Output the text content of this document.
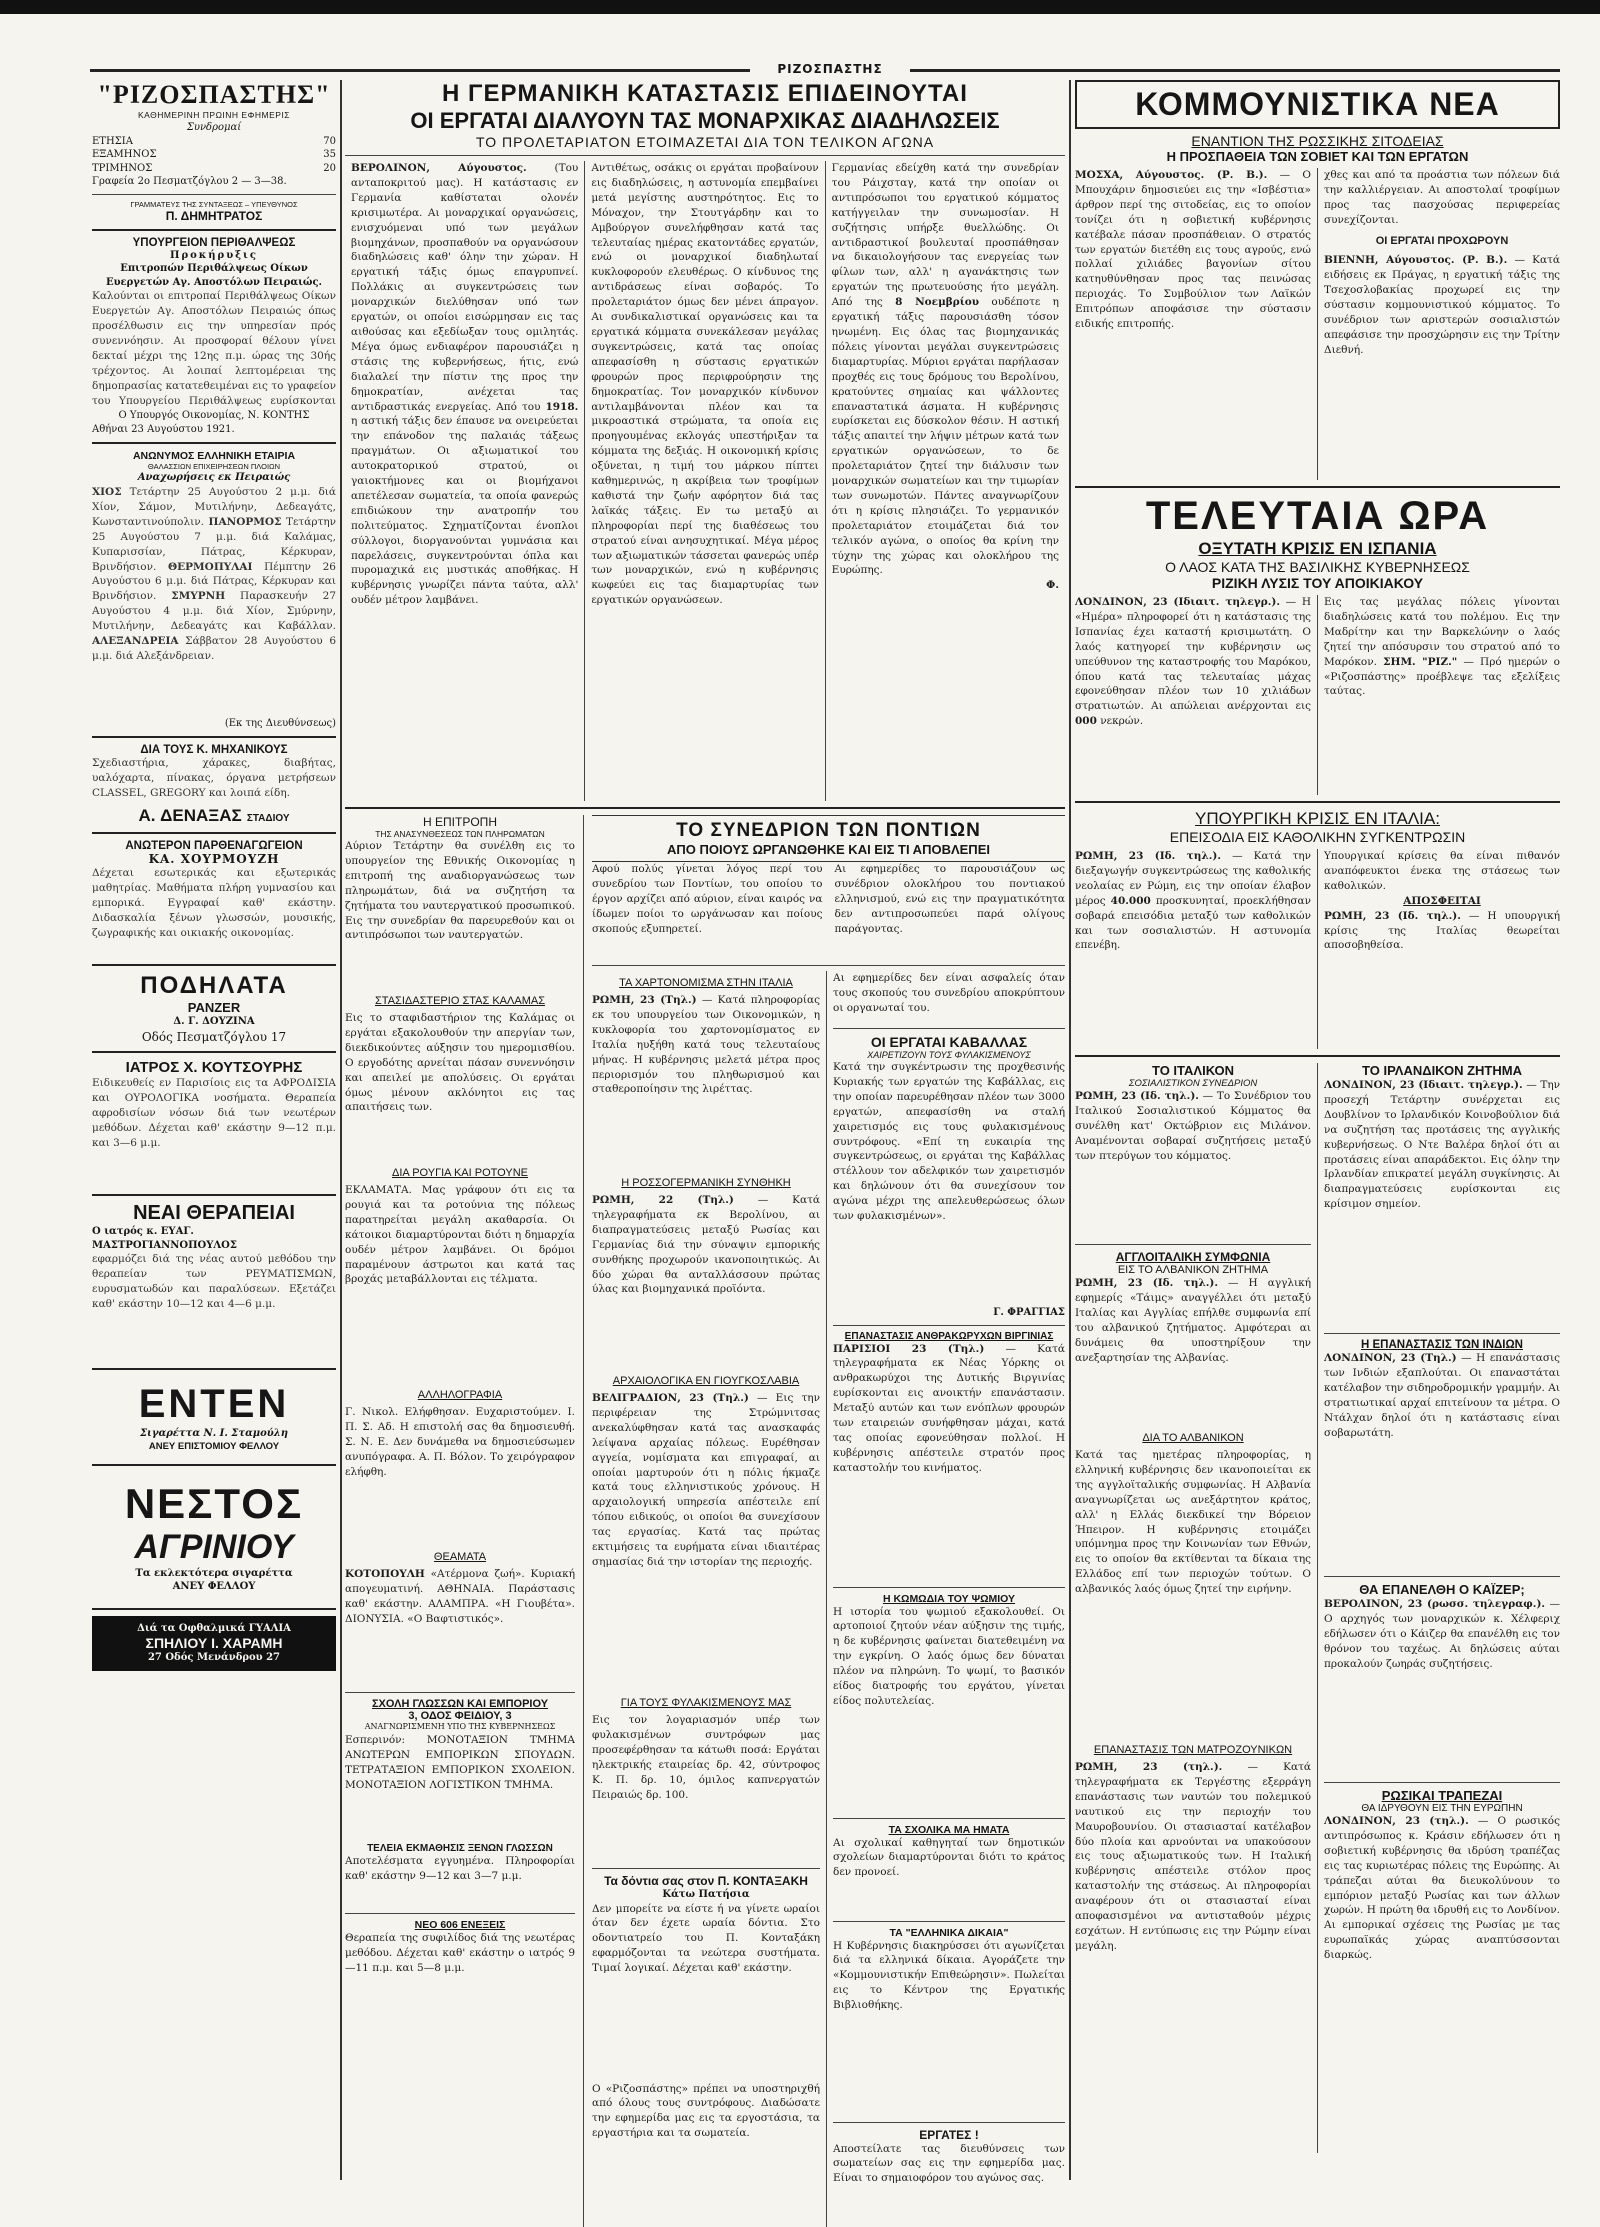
ΡΙΖΟΣΠΑΣΤΗΣ
"ΡΙΖΟΣΠΑΣΤΗΣ"
ΚΑΘΗΜΕΡΙΝΗ ΠΡΩΙΝΗ ΕΦΗΜΕΡΙΣ
Συνδρομαί
ΕΤΗΣΙΑ	70
ΕΞΑΜΗΝΟΣ	35
ΤΡΙΜΗΝΟΣ	20
Γραφεία 2ο Πεσματζόγλου 2 — 3—38.
ΓΡΑΜΜΑΤΕΥΣ ΤΗΣ ΣΥΝΤΑΞΕΩΣ – ΥΠΕΥΘΥΝΟΣ
Π. ΔΗΜΗΤΡΑΤΟΣ
ΥΠΟΥΡΓΕΙΟΝ ΠΕΡΙΘΑΛΨΕΩΣ
Προκήρυξις
Επιτροπών Περιθάλψεως Οίκων Ευεργετών Αγ. Αποστόλων Πειραιώς.
Καλούνται οι επιτροπαί Περιθάλψεως Οίκων Ευεργετών Αγ. Αποστόλων Πειραιώς όπως προσέλθωσιν εις την υπηρεσίαν πρός συνεννόησιν. Αι προσφοραί θέλουν γίνει δεκταί μέχρι της 12ης π.μ. ώρας της 30ής τρέχοντος. Αι λοιπαί λεπτομέρειαι της δημοπρασίας κατατεθειμέναι εις το γραφείον του Υπουργείου Περιθάλψεως ευρίσκονται
Ο Υπουργός Οικονομίας, Ν. ΚΟΝΤΗΣ
Αθήναι 23 Αυγούστου 1921.
ΑΝΩΝΥΜΟΣ ΕΛΛΗΝΙΚΗ ΕΤΑΙΡΙΑ
ΘΑΛΑΣΣΙΩΝ ΕΠΙΧΕΙΡΗΣΕΩΝ ΠΛΟΙΩΝ
Αναχωρήσεις εκ Πειραιώς
ΧΙΟΣ Τετάρτην 25 Αυγούστου 2 μ.μ. διά Χίον, Σάμον, Μυτιλήνην, Δεδεαγάτς, Κωνσταντινούπολιν. ΠΑΝΟΡΜΟΣ Τετάρτην 25 Αυγούστου 7 μ.μ. διά Καλάμας, Κυπαρισσίαν, Πάτρας, Κέρκυραν, Βρινδήσιον. ΘΕΡΜΟΠΥΛΑΙ Πέμπτην 26 Αυγούστου 6 μ.μ. διά Πάτρας, Κέρκυραν και Βρινδήσιον. ΣΜΥΡΝΗ Παρασκευήν 27 Αυγούστου 4 μ.μ. διά Χίον, Σμύρνην, Μυτιλήνην, Δεδεαγάτς και Καβάλλαν. ΑΛΕΞΑΝΔΡΕΙΑ Σάββατον 28 Αυγούστου 6 μ.μ. διά Αλεξάνδρειαν.
(Εκ της Διευθύνσεως)
ΔΙΑ ΤΟΥΣ Κ. ΜΗΧΑΝΙΚΟΥΣ
Σχεδιαστήρια, χάρακες, διαβήτας, υαλόχαρτα, πίνακας, όργανα μετρήσεων CLASSEL, GREGORY και λοιπά είδη.
A. ΔΕΝΑΞΑΣ ΣΤΑΔΙΟΥ
ΑΝΩΤΕΡΟΝ ΠΑΡΘΕΝΑΓΩΓΕΙΟΝ
ΚΑ. ΧΟΥΡΜΟΥΖΗ
Δέχεται εσωτερικάς και εξωτερικάς μαθητρίας. Μαθήματα πλήρη γυμνασίου και εμπορικά. Εγγραφαί καθ' εκάστην. Διδασκαλία ξένων γλωσσών, μουσικής, ζωγραφικής και οικιακής οικονομίας.
ΠΟΔΗΛΑΤΑ
PANZER
Δ. Γ. ΔΟΥΖΙΝΑ
Οδός Πεσματζόγλου 17
ΙΑΤΡΟΣ Χ. ΚΟΥΤΣΟΥΡΗΣ
Ειδικευθείς εν Παρισίοις εις τα ΑΦΡΟΔΙΣΙΑ και ΟΥΡΟΛΟΓΙΚΑ νοσήματα. Θεραπεία αφροδισίων νόσων διά των νεωτέρων μεθόδων. Δέχεται καθ' εκάστην 9—12 π.μ. και 3—6 μ.μ.
ΝΕΑΙ ΘΕΡΑΠΕΙΑΙ
Ο ιατρός κ. ΕΥΑΓ. ΜΑΣΤΡΟΓΙΑΝΝΟΠΟΥΛΟΣ
εφαρμόζει διά της νέας αυτού μεθόδου την θεραπείαν των ΡΕΥΜΑΤΙΣΜΩΝ, ευρυσματωδών και παραλύσεων. Εξετάζει καθ' εκάστην 10—12 και 4—6 μ.μ.
ΕΝΤΕΝ
Σιγαρέττα Ν. Ι. Σταμούλη
ΑΝΕΥ ΕΠΙΣΤΟΜΙΟΥ ΦΕΛΛΟΥ
ΝΕΣΤΟΣ
ΑΓΡΙΝΙΟΥ
Τα εκλεκτότερα σιγαρέττα
ΑΝΕΥ ΦΕΛΛΟΥ
Διά τα Οφθαλμικά ΓΥΑΛΙΑ
ΣΠΗΛΙΟΥ Ι. ΧΑΡΑΜΗ
27 Οδός Μενάνδρου 27
Η ΓΕΡΜΑΝΙΚΗ ΚΑΤΑΣΤΑΣΙΣ ΕΠΙΔΕΙΝΟΥΤΑΙ
ΟΙ ΕΡΓΑΤΑΙ ΔΙΑΛΥΟΥΝ ΤΑΣ ΜΟΝΑΡΧΙΚΑΣ ΔΙΑΔΗΛΩΣΕΙΣ
ΤΟ ΠΡΟΛΕΤΑΡΙΑΤΟΝ ΕΤΟΙΜΑΖΕΤΑΙ ΔΙΑ ΤΟΝ ΤΕΛΙΚΟΝ ΑΓΩΝΑ
ΒΕΡΟΛΙΝΟΝ, Αύγουστος.	(Του ανταποκριτού μας). Η κατάστασις εν Γερμανία καθίσταται ολονέν κρισιμωτέρα. Αι μοναρχικαί οργανώσεις, ενισχυόμεναι υπό των μεγάλων βιομηχάνων, προσπαθούν να οργανώσουν διαδηλώσεις καθ' όλην την χώραν. Η εργατική τάξις όμως επαγρυπνεί. Πολλάκις αι συγκεντρώσεις των μοναρχικών διελύθησαν υπό των εργατών, οι οποίοι εισώρμησαν εις τας αιθούσας και εξεδίωξαν τους ομιλητάς. Μέγα όμως ενδιαφέρον παρουσιάζει η στάσις της κυβερνήσεως, ήτις, ενώ διαλαλεί την πίστιν της προς την δημοκρατίαν, ανέχεται τας αντιδραστικάς ενεργείας. Από του 1918. η αστική τάξις δεν έπαυσε να ονειρεύεται την επάνοδον της παλαιάς τάξεως πραγμάτων. Οι αξιωματικοί του αυτοκρατορικού στρατού, οι γαιοκτήμονες και οι βιομήχανοι απετέλεσαν σωματεία, τα οποία φανερώς επιδιώκουν την ανατροπήν του πολιτεύματος. Σχηματίζονται ένοπλοι σύλλογοι, διοργανούνται γυμνάσια και παρελάσεις, συγκεντρούνται όπλα και πυρομαχικά εις μυστικάς αποθήκας. Η κυβέρνησις γνωρίζει πάντα ταύτα, αλλ' ουδέν μέτρον λαμβάνει.
Αντιθέτως, οσάκις οι εργάται προβαίνουν εις διαδηλώσεις, η αστυνομία επεμβαίνει μετά μεγίστης αυστηρότητος. Εις το Μόναχον, την Στουτγάρδην και το Αμβούργον συνελήφθησαν κατά τας τελευταίας ημέρας εκατοντάδες εργατών, ενώ οι μοναρχικοί διαδηλωταί κυκλοφορούν ελευθέρως. Ο κίνδυνος της αντιδράσεως είναι σοβαρός. Το προλεταριάτον όμως δεν μένει άπραγον. Αι συνδικαλιστικαί οργανώσεις και τα εργατικά κόμματα συνεκάλεσαν μεγάλας συγκεντρώσεις, κατά τας οποίας απεφασίσθη η σύστασις εργατικών φρουρών προς περιφρούρησιν της δημοκρατίας. Τον μοναρχικόν κίνδυνον αντιλαμβάνονται πλέον και τα μικροαστικά στρώματα, τα οποία εις προηγουμένας εκλογάς υπεστήριξαν τα κόμματα της δεξιάς. Η οικονομική κρίσις οξύνεται, η τιμή του μάρκου πίπτει καθημερινώς, η ακρίβεια των τροφίμων καθιστά την ζωήν αφόρητον διά τας λαϊκάς τάξεις. Εν τω μεταξύ αι πληροφορίαι περί της διαθέσεως του στρατού είναι ανησυχητικαί. Μέγα μέρος των αξιωματικών τάσσεται φανερώς υπέρ των μοναρχικών, ενώ η κυβέρνησις κωφεύει εις τας διαμαρτυρίας των εργατικών οργανώσεων.
Γερμανίας εδείχθη κατά την συνεδρίαν του Ράιχσταγ, κατά την οποίαν οι αντιπρόσωποι του εργατικού κόμματος κατήγγειλαν την συνωμοσίαν. Η συζήτησις υπήρξε θυελλώδης. Οι αντιδραστικοί βουλευταί προσπάθησαν να δικαιολογήσουν τας ενεργείας των φίλων των, αλλ' η αγανάκτησις των εργατών της πρωτευούσης ήτο μεγάλη. Από της 8 Νοεμβρίου ουδέποτε η εργατική τάξις παρουσιάσθη τόσον ηνωμένη. Εις όλας τας βιομηχανικάς πόλεις γίνονται μεγάλαι συγκεντρώσεις διαμαρτυρίας. Μύριοι εργάται παρήλασαν προχθές εις τους δρόμους του Βερολίνου, κρατούντες σημαίας και ψάλλοντες επαναστατικά άσματα. Η κυβέρνησις ευρίσκεται εις δύσκολον θέσιν. Η αστική τάξις απαιτεί την λήψιν μέτρων κατά των εργατικών οργανώσεων, το δε προλεταριάτον ζητεί την διάλυσιν των μοναρχικών σωματείων και την τιμωρίαν των συνωμοτών. Πάντες αναγνωρίζουν ότι η κρίσις πλησιάζει. Το γερμανικόν προλεταριάτον ετοιμάζεται διά τον τελικόν αγώνα, ο οποίος θα κρίνη την τύχην της χώρας και ολοκλήρου της Ευρώπης.
Φ.
Η ΕΠΙΤΡΟΠΗ
ΤΗΣ ΑΝΑΣΥΝΘΕΣΕΩΣ ΤΩΝ ΠΛΗΡΩΜΑΤΩΝ
Αύριον Τετάρτην θα συνέλθη εις το υπουργείον της Εθνικής Οικονομίας η επιτροπή της αναδιοργανώσεως των πληρωμάτων, διά να συζητήση τα ζητήματα του ναυτεργατικού προσωπικού. Εις την συνεδρίαν θα παρευρεθούν και οι αντιπρόσωποι των ναυτεργατών.
ΣΤΑΣΙΔΑΣΤΕΡΙΟ ΣΤΑΣ ΚΑΛΑΜΑΣ
Εις το σταφιδαστήριον της Καλάμας οι εργάται εξακολουθούν την απεργίαν των, διεκδικούντες αύξησιν του ημερομισθίου. Ο εργοδότης αρνείται πάσαν συνεννόησιν και απειλεί με απολύσεις. Οι εργάται όμως μένουν ακλόνητοι εις τας απαιτήσεις των.
ΔΙΑ ΡΟΥΓΙΑ ΚΑΙ ΡΟΤΟΥΝΕ
ΕΚΛΑΜΑΤΑ. Μας γράφουν ότι εις τα ρουγιά και τα ροτούνια της πόλεως παρατηρείται μεγάλη ακαθαρσία. Οι κάτοικοι διαμαρτύρονται διότι η δημαρχία ουδέν μέτρον λαμβάνει. Οι δρόμοι παραμένουν άστρωτοι και κατά τας βροχάς μεταβάλλονται εις τέλματα.
ΑΛΛΗΛΟΓΡΑΦΙΑ
Γ. Νικολ. Ελήφθησαν. Ευχαριστούμεν. Ι. Π. Σ. Αδ. Η επιστολή σας θα δημοσιευθή. Σ. Ν. Ε. Δεν δυνάμεθα να δημοσιεύσωμεν ανυπόγραφα. Α. Π. Βόλον. Το χειρόγραφον ελήφθη.
ΘΕΑΜΑΤΑ
ΚΟΤΟΠΟΥΛΗ «Ατέρμονα ζωή». Κυριακή απογευματινή. ΑΘΗΝΑΙΑ. Παράστασις καθ' εκάστην. ΑΛΑΜΠΡΑ. «Η Γιουβέτα». ΔΙΟΝΥΣΙΑ. «Ο Βαφτιστικός».
ΣΧΟΛΗ ΓΛΩΣΣΩΝ ΚΑΙ ΕΜΠΟΡΙΟΥ
3, ΟΔΟΣ ΦΕΙΔΙΟΥ, 3
ΑΝΑΓΝΩΡΙΣΜΕΝΗ ΥΠΟ ΤΗΣ ΚΥΒΕΡΝΗΣΕΩΣ
Εσπερινόν: ΜΟΝΟΤΑΞΙΟΝ ΤΜΗΜΑ ΑΝΩΤΕΡΩΝ ΕΜΠΟΡΙΚΩΝ ΣΠΟΥΔΩΝ. ΤΕΤΡΑΤΑΞΙΟΝ ΕΜΠΟΡΙΚΟΝ ΣΧΟΛΕΙΟΝ. ΜΟΝΟΤΑΞΙΟΝ ΛΟΓΙΣΤΙΚΟΝ ΤΜΗΜΑ.
ΤΕΛΕΙΑ ΕΚΜΑΘΗΣΙΣ ΞΕΝΩΝ ΓΛΩΣΣΩΝ
Αποτελέσματα εγγυημένα. Πληροφορίαι καθ' εκάστην 9—12 και 3—7 μ.μ.
ΝΕΟ 606 ΕΝΕΞΕΙΣ
Θεραπεία της συφιλίδος διά της νεωτέρας μεθόδου. Δέχεται καθ' εκάστην ο ιατρός 9—11 π.μ. και 5—8 μ.μ.
ΤΟ ΣΥΝΕΔΡΙΟΝ ΤΩΝ ΠΟΝΤΙΩΝ
ΑΠΟ ΠΟΙΟΥΣ ΩΡΓΑΝΩΘΗΚΕ ΚΑΙ ΕΙΣ ΤΙ ΑΠΟΒΛΕΠΕΙ
Αφού πολύς γίνεται λόγος περί του συνεδρίου των Ποντίων, του οποίου το έργον αρχίζει από αύριον, είναι καιρός να ίδωμεν ποίοι το ωργάνωσαν και ποίους σκοπούς εξυπηρετεί.
Αι εφημερίδες το παρουσιάζουν ως συνέδριον ολοκλήρου του ποντιακού ελληνισμού, ενώ εις την πραγματικότητα δεν αντιπροσωπεύει παρά ολίγους παράγοντας.
ΤΑ ΧΑΡΤΟΝΟΜΙΣΜΑ ΣΤΗΝ ΙΤΑΛΙΑ
ΡΩΜΗ, 23 (Τηλ.) — Κατά πληροφορίας εκ του υπουργείου των Οικονομικών, η κυκλοφορία του χαρτονομίσματος εν Ιταλία ηυξήθη κατά τους τελευταίους μήνας. Η κυβέρνησις μελετά μέτρα προς περιορισμόν του πληθωρισμού και σταθεροποίησιν της λιρέττας.
Η ΡΟΣΣΟΓΕΡΜΑΝΙΚΗ ΣΥΝΘΗΚΗ
ΡΩΜΗ, 22 (Τηλ.) — Κατά τηλεγραφήματα εκ Βερολίνου, αι διαπραγματεύσεις μεταξύ Ρωσίας και Γερμανίας διά την σύναψιν εμπορικής συνθήκης προχωρούν ικανοποιητικώς. Αι δύο χώραι θα ανταλλάσσουν πρώτας ύλας και βιομηχανικά προϊόντα.
ΑΡΧΑΙΟΛΟΓΙΚΑ ΕΝ ΓΙΟΥΓΚΟΣΛΑΒΙΑ
ΒΕΛΙΓΡΑΔΙΟΝ, 23 (Τηλ.) — Εις την περιφέρειαν της Στρώμνιτσας ανεκαλύφθησαν κατά τας ανασκαφάς λείψανα αρχαίας πόλεως. Ευρέθησαν αγγεία, νομίσματα και επιγραφαί, αι οποίαι μαρτυρούν ότι η πόλις ήκμαζε κατά τους ελληνιστικούς χρόνους. Η αρχαιολογική υπηρεσία απέστειλε επί τόπου ειδικούς, οι οποίοι θα συνεχίσουν τας εργασίας. Κατά τας πρώτας εκτιμήσεις τα ευρήματα είναι ιδιαιτέρας σημασίας διά την ιστορίαν της περιοχής.
ΓΙΑ ΤΟΥΣ ΦΥΛΑΚΙΣΜΕΝΟΥΣ ΜΑΣ
Εις τον λογαριασμόν υπέρ των φυλακισμένων συντρόφων μας προσεφέρθησαν τα κάτωθι ποσά: Εργάται ηλεκτρικής εταιρείας δρ. 42, σύντροφος Κ. Π. δρ. 10, όμιλος καπνεργατών Πειραιώς δρ. 100.
Τα δόντια σας στον Π. ΚΟΝΤΑΞΑΚΗ
Κάτω Πατήσια
Δεν μπορείτε να είστε ή να γίνετε ωραίοι όταν δεν έχετε ωραία δόντια. Στο οδοντιατρείο του Π. Κονταξάκη εφαρμόζονται τα νεώτερα συστήματα. Τιμαί λογικαί. Δέχεται καθ' εκάστην.
Ο «Ριζοσπάστης» πρέπει να υποστηριχθή από όλους τους συντρόφους. Διαδώσατε την εφημερίδα μας εις τα εργοστάσια, τα εργαστήρια και τα σωματεία.
Αι εφημερίδες δεν είναι ασφαλείς όταν τους σκοπούς του συνεδρίου αποκρύπτουν οι οργανωταί του.
ΟΙ ΕΡΓΑΤΑΙ ΚΑΒΑΛΛΑΣ
ΧΑΙΡΕΤΙΖΟΥΝ ΤΟΥΣ ΦΥΛΑΚΙΣΜΕΝΟΥΣ
Κατά την συγκέντρωσιν της προχθεσινής Κυριακής των εργατών της Καβάλλας, εις την οποίαν παρευρέθησαν πλέον των 3000 εργατών, απεφασίσθη να σταλή χαιρετισμός εις τους φυλακισμένους συντρόφους. «Επί τη ευκαιρία της συγκεντρώσεως, οι εργάται της Καβάλλας στέλλουν τον αδελφικόν των χαιρετισμόν και δηλώνουν ότι θα συνεχίσουν τον αγώνα μέχρι της απελευθερώσεως όλων των φυλακισμένων».
Γ. ΦΡΑΓΓΙΑΣ
ΕΠΑΝΑΣΤΑΣΙΣ ΑΝΘΡΑΚΩΡΥΧΩΝ ΒΙΡΓΙΝΙΑΣ
ΠΑΡΙΣΙΟΙ 23 (Τηλ.) — Κατά τηλεγραφήματα εκ Νέας Υόρκης οι ανθρακωρύχοι της Δυτικής Βιργινίας ευρίσκονται εις ανοικτήν επανάστασιν. Μεταξύ αυτών και των ενόπλων φρουρών των εταιρειών συνήφθησαν μάχαι, κατά τας οποίας εφονεύθησαν πολλοί. Η κυβέρνησις απέστειλε στρατόν προς καταστολήν του κινήματος.
Η ΚΩΜΩΔΙΑ ΤΟΥ ΨΩΜΙΟΥ
Η ιστορία του ψωμιού εξακολουθεί. Οι αρτοποιοί ζητούν νέαν αύξησιν της τιμής, η δε κυβέρνησις φαίνεται διατεθειμένη να την εγκρίνη. Ο λαός όμως δεν δύναται πλέον να πληρώνη. Το ψωμί, το βασικόν είδος διατροφής του εργάτου, γίνεται είδος πολυτελείας.
ΤΑ ΣΧΟΛΙΚΑ ΜΑ ΗΜΑΤΑ
Αι σχολικαί καθηγηταί των δημοτικών σχολείων διαμαρτύρονται διότι το κράτος δεν προνοεί.
ΤΑ "ΕΛΛΗΝΙΚΑ ΔΙΚΑΙΑ"
Η Κυβέρνησις διακηρύσσει ότι αγωνίζεται διά τα ελληνικά δίκαια. Αγοράζετε την «Κομμουνιστικήν Επιθεώρησιν». Πωλείται εις το Κέντρον της Εργατικής Βιβλιοθήκης.
ΕΡΓΑΤΕΣ !
Αποστείλατε τας διευθύνσεις των σωματείων σας εις την εφημερίδα μας. Είναι το σημαιοφόρον του αγώνος σας.
ΚΟΜΜΟΥΝΙΣΤΙΚΑ ΝΕΑ
ΕΝΑΝΤΙΟΝ ΤΗΣ ΡΩΣΣΙΚΗΣ ΣΙΤΟΔΕΙΑΣ
Η ΠΡΟΣΠΑΘΕΙΑ ΤΩΝ ΣΟΒΙΕΤ ΚΑΙ ΤΩΝ ΕΡΓΑΤΩΝ
ΜΟΣΧΑ, Αύγουστος. (Ρ. Β.). — Ο Μπουχάριν δημοσιεύει εις την «Ισβέστια» άρθρον περί της σιτοδείας, εις το οποίον τονίζει ότι η σοβιετική κυβέρνησις κατέβαλε πάσαν προσπάθειαν. Ο στρατός των εργατών διετέθη εις τους αγρούς, ενώ πολλαί χιλιάδες βαγονίων σίτου κατηυθύνθησαν προς τας πεινώσας περιοχάς. Το Συμβούλιον των Λαϊκών Επιτρόπων αποφάσισε την σύστασιν ειδικής επιτροπής.
χθες και από τα προάστια των πόλεων διά την καλλιέργειαν. Αι αποστολαί τροφίμων προς τας πασχούσας περιφερείας συνεχίζονται.
ΟΙ ΕΡΓΑΤΑΙ ΠΡΟΧΩΡΟΥΝ
ΒΙΕΝΝΗ, Αύγουστος. (Ρ. Β.). — Κατά ειδήσεις εκ Πράγας, η εργατική τάξις της Τσεχοσλοβακίας προχωρεί εις την σύστασιν κομμουνιστικού κόμματος. Το συνέδριον των αριστερών σοσιαλιστών απεφάσισε την προσχώρησιν εις την Τρίτην Διεθνή.
ΤΕΛΕΥΤΑΙΑ ΩΡΑ
ΟΞΥΤΑΤΗ ΚΡΙΣΙΣ ΕΝ ΙΣΠΑΝΙΑ
Ο ΛΑΟΣ ΚΑΤΑ ΤΗΣ ΒΑΣΙΛΙΚΗΣ ΚΥΒΕΡΝΗΣΕΩΣ
ΡΙΖΙΚΗ ΛΥΣΙΣ ΤΟΥ ΑΠΟΙΚΙΑΚΟΥ
ΛΟΝΔΙΝΟΝ, 23 (Ιδιαιτ. τηλεγρ.). — Η «Ημέρα» πληροφορεί ότι η κατάστασις της Ισπανίας έχει καταστή κρισιμωτάτη. Ο λαός κατηγορεί την κυβέρνησιν ως υπεύθυνον της καταστροφής του Μαρόκου, όπου κατά τας τελευταίας μάχας εφονεύθησαν πλέον των 10 χιλιάδων στρατιωτών. Αι απώλειαι ανέρχονται εις 000 νεκρών.
Εις τας μεγάλας πόλεις γίνονται διαδηλώσεις κατά του πολέμου. Εις την Μαδρίτην και την Βαρκελώνην ο λαός ζητεί την απόσυρσιν του στρατού από το Μαρόκον. ΣΗΜ. "ΡΙΖ." — Πρό ημερών ο «Ριζοσπάστης» προέβλεψε τας εξελίξεις ταύτας.
ΥΠΟΥΡΓΙΚΗ ΚΡΙΣΙΣ ΕΝ ΙΤΑΛΙΑ:
ΕΠΕΙΣΟΔΙΑ ΕΙΣ ΚΑΘΟΛΙΚΗΝ ΣΥΓΚΕΝΤΡΩΣΙΝ
ΡΩΜΗ, 23 (Ιδ. τηλ.). — Κατά την διεξαγωγήν συγκεντρώσεως της καθολικής νεολαίας εν Ρώμη, εις την οποίαν έλαβον μέρος 40.000 προσκυνηταί, προεκλήθησαν σοβαρά επεισόδια μεταξύ των καθολικών και των σοσιαλιστών. Η αστυνομία επενέβη.
Υπουργικαί κρίσεις θα είναι πιθανόν αναπόφευκτοι ένεκα της στάσεως των καθολικών.
ΑΠΟΣΦΕΙΤΑΙ
ΡΩΜΗ, 23 (Ιδ. τηλ.). — Η υπουργική κρίσις της Ιταλίας θεωρείται αποσοβηθείσα.
ΤΟ ΙΤΑΛΙΚΟΝ
ΣΟΣΙΑΛΙΣΤΙΚΟΝ ΣΥΝΕΔΡΙΟΝ
ΡΩΜΗ, 23 (Ιδ. τηλ.). — Το Συνέδριον του Ιταλικού Σοσιαλιστικού Κόμματος θα συνέλθη κατ' Οκτώβριον εις Μιλάνον. Αναμένονται σοβαραί συζητήσεις μεταξύ των πτερύγων του κόμματος.
ΑΓΓΛΟΙΤΑΛΙΚΗ ΣΥΜΦΩΝΙΑ
ΕΙΣ ΤΟ ΑΛΒΑΝΙΚΟΝ ΖΗΤΗΜΑ
ΡΩΜΗ, 23 (Ιδ. τηλ.). — Η αγγλική εφημερίς «Τάιμς» αναγγέλλει ότι μεταξύ Ιταλίας και Αγγλίας επήλθε συμφωνία επί του αλβανικού ζητήματος. Αμφότεραι αι δυνάμεις θα υποστηρίξουν την ανεξαρτησίαν της Αλβανίας.
ΔΙΑ ΤΟ ΑΛΒΑΝΙΚΟΝ
Κατά τας ημετέρας πληροφορίας, η ελληνική κυβέρνησις δεν ικανοποιείται εκ της αγγλοϊταλικής συμφωνίας. Η Αλβανία αναγνωρίζεται ως ανεξάρτητον κράτος, αλλ' η Ελλάς διεκδικεί την Βόρειον Ήπειρον. Η κυβέρνησις ετοιμάζει υπόμνημα προς την Κοινωνίαν των Εθνών, εις το οποίον θα εκτίθενται τα δίκαια της Ελλάδος επί των περιοχών τούτων. Ο αλβανικός λαός όμως ζητεί την ειρήνην.
ΕΠΑΝΑΣΤΑΣΙΣ ΤΩΝ ΜΑΤΡΟΖΟΥΝΙΚΩΝ
ΡΩΜΗ, 23 (τηλ.). — Κατά τηλεγραφήματα εκ Τεργέστης εξερράγη επανάστασις των ναυτών του πολεμικού ναυτικού εις την περιοχήν του Μαυροβουνίου. Οι στασιασταί κατέλαβον δύο πλοία και αρνούνται να υπακούσουν εις τους αξιωματικούς των. Η Ιταλική κυβέρνησις απέστειλε στόλον προς καταστολήν της στάσεως. Αι πληροφορίαι αναφέρουν ότι οι στασιασταί είναι αποφασισμένοι να αντισταθούν μέχρις εσχάτων. Η εντύπωσις εις την Ρώμην είναι μεγάλη.
ΤΟ ΙΡΛΑΝΔΙΚΟΝ ΖΗΤΗΜΑ
ΛΟΝΔΙΝΟΝ, 23 (Ιδιαιτ. τηλεγρ.). — Την προσεχή Τετάρτην συνέρχεται εις Δουβλίνον το Ιρλανδικόν Κοινοβούλιον διά να συζητήση τας προτάσεις της αγγλικής κυβερνήσεως. Ο Ντε Βαλέρα δηλοί ότι αι προτάσεις είναι απαράδεκτοι. Εις όλην την Ιρλανδίαν επικρατεί μεγάλη συγκίνησις. Αι διαπραγματεύσεις ευρίσκονται εις κρίσιμον σημείον.
Η ΕΠΑΝΑΣΤΑΣΙΣ ΤΩΝ ΙΝΔΙΩΝ
ΛΟΝΔΙΝΟΝ, 23 (Τηλ.) — Η επανάστασις των Ινδιών εξαπλούται. Οι επαναστάται κατέλαβον την σιδηροδρομικήν γραμμήν. Αι στρατιωτικαί αρχαί επιτείνουν τα μέτρα. Ο Ντάλχαν δηλοί ότι η κατάστασις είναι σοβαρωτάτη.
ΘΑ ΕΠΑΝΕΛΘΗ Ο ΚΑΪΖΕΡ;
ΒΕΡΟΛΙΝΟΝ, 23 (ρωσσ. τηλεγραφ.). — Ο αρχηγός των μοναρχικών κ. Χέλφεριχ εδήλωσεν ότι ο Κάιζερ θα επανέλθη εις τον θρόνον του ταχέως. Αι δηλώσεις αύται προκαλούν ζωηράς συζητήσεις.
ΡΩΣΙΚΑΙ ΤΡΑΠΕΖΑΙ
ΘΑ ΙΔΡΥΘΟΥΝ ΕΙΣ ΤΗΝ ΕΥΡΩΠΗΝ
ΛΟΝΔΙΝΟΝ, 23 (τηλ.). — Ο ρωσικός αντιπρόσωπος κ. Κράσιν εδήλωσεν ότι η σοβιετική κυβέρνησις θα ιδρύση τραπέζας εις τας κυριωτέρας πόλεις της Ευρώπης. Αι τράπεζαι αύται θα διευκολύνουν το εμπόριον μεταξύ Ρωσίας και των άλλων χωρών. Η πρώτη θα ιδρυθή εις το Λονδίνον. Αι εμπορικαί σχέσεις της Ρωσίας με τας ευρωπαϊκάς χώρας αναπτύσσονται διαρκώς.
